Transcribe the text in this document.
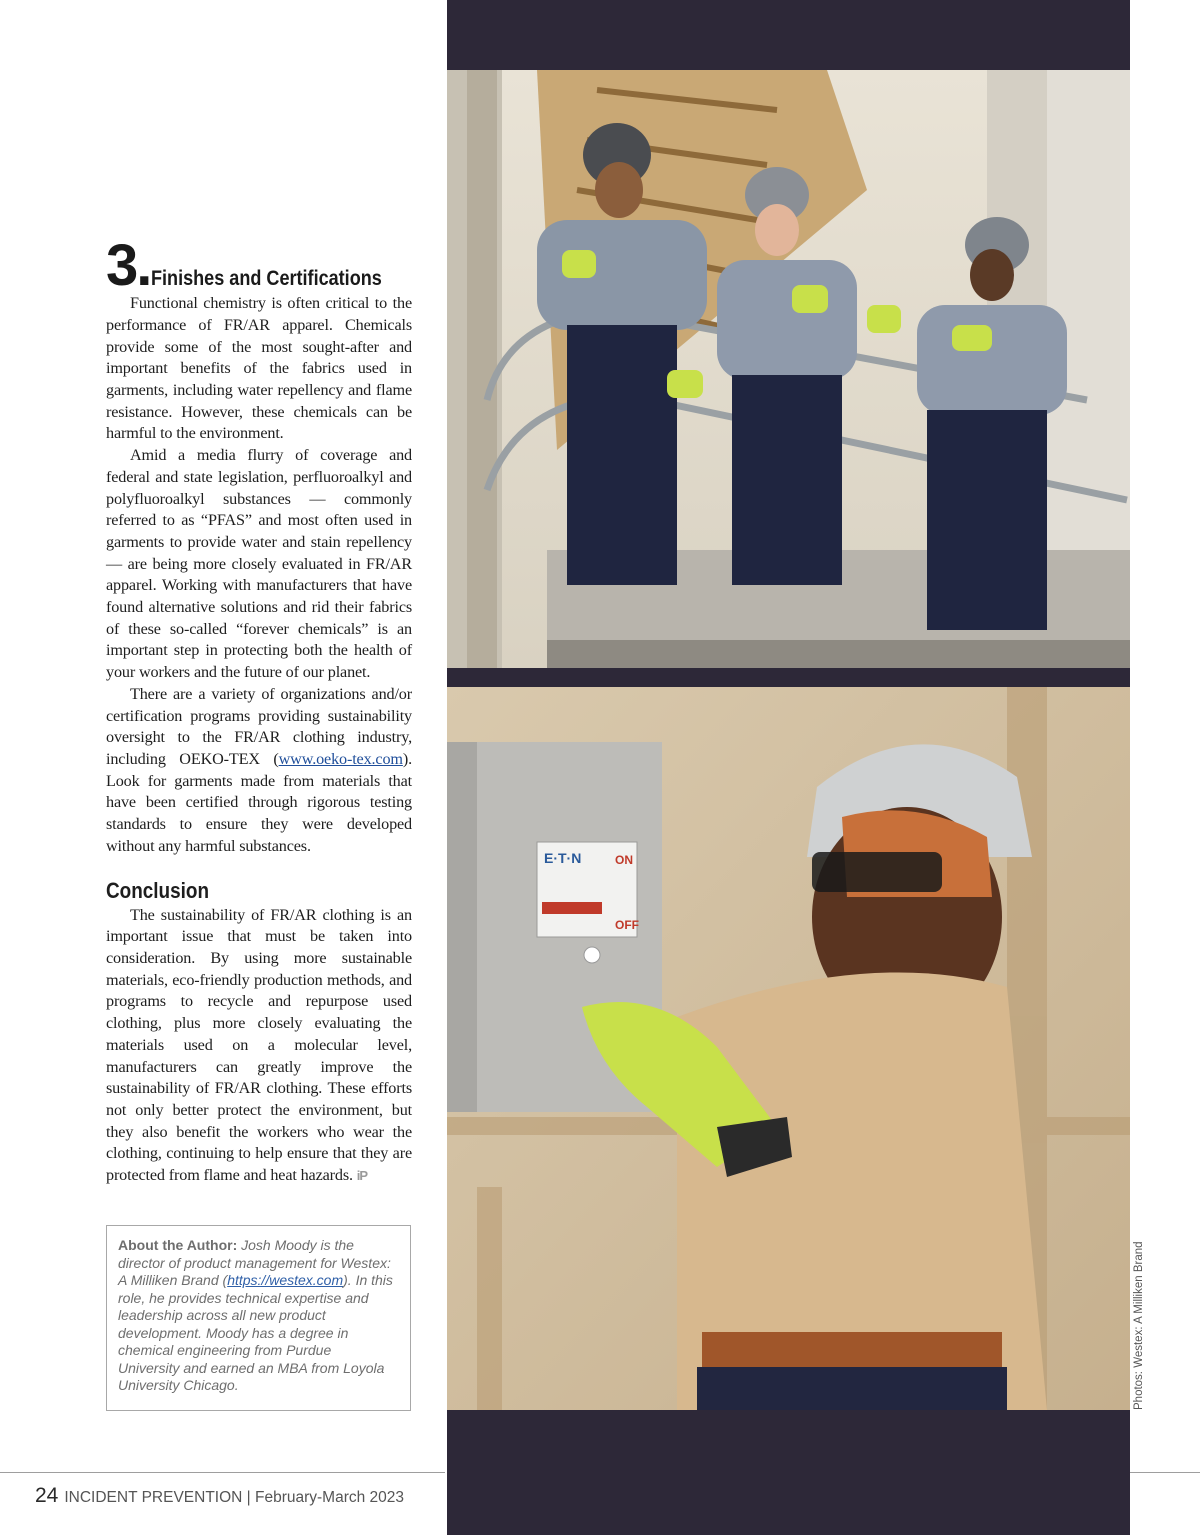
3. Finishes and Certifications

Functional chemistry is often critical to the performance of FR/AR apparel. Chemicals provide some of the most sought-after and important benefits of the fabrics used in garments, including water repellency and flame resistance. However, these chemicals can be harmful to the environment.

Amid a media flurry of coverage and federal and state legislation, perfluoroalkyl and polyfluoroalkyl substances — commonly referred to as “PFAS” and most often used in garments to provide water and stain repellency — are being more closely evaluated in FR/AR apparel. Working with manufacturers that have found alternative solutions and rid their fabrics of these so-called “forever chemicals” is an important step in protecting both the health of your workers and the future of our planet.

There are a variety of organizations and/or certification programs providing sustainability oversight to the FR/AR clothing industry, including OEKO-TEX (www.oeko-tex.com). Look for garments made from materials that have been certified through rigorous testing standards to ensure they were developed without any harmful substances.

Conclusion

The sustainability of FR/AR clothing is an important issue that must be taken into consideration. By using more sustainable materials, eco-friendly production methods, and programs to recycle and repurpose used clothing, plus more closely evaluating the materials used on a molecular level, manufacturers can greatly improve the sustainability of FR/AR clothing. These efforts not only better protect the environment, but they also benefit the workers who wear the clothing, continuing to help ensure that they are protected from flame and heat hazards. iP

About the Author: Josh Moody is the director of product management for Westex: A Milliken Brand (https://westex.com). In this role, he provides technical expertise and leadership across all new product development. Moody has a degree in chemical engineering from Purdue University and earned an MBA from Loyola University Chicago.
E·T·N	ON
OFF
Photos: Westex: A Milliken Brand
24 INCIDENT PREVENTION | February-March 2023
